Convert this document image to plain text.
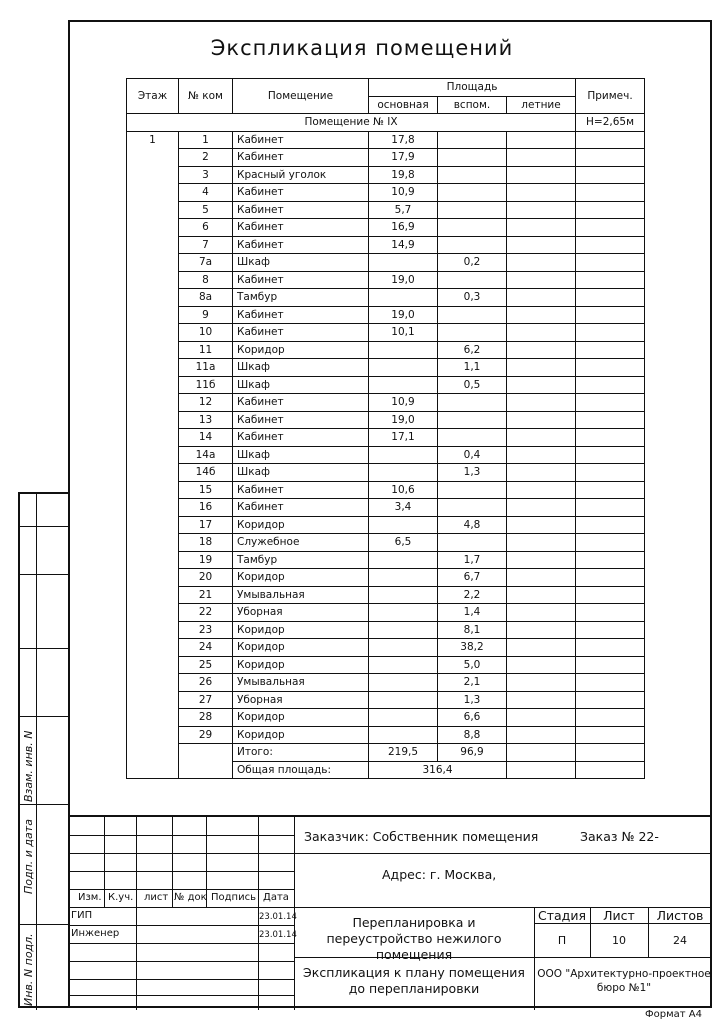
Взам. инв. N
Подп. и дата
Инв. N подл.
Экспликация помещений
Этаж	№ ком	Помещение	Площадь			Примеч.
			основная	вспом.	летние	
Помещение № IX						H=2,65м
1	1	Кабинет	17,8			
	2	Кабинет	17,9			
	3	Красный уголок	19,8			
	4	Кабинет	10,9			
	5	Кабинет	5,7			
	6	Кабинет	16,9			
	7	Кабинет	14,9			
	7а	Шкаф		0,2		
	8	Кабинет	19,0			
	8а	Тамбур		0,3		
	9	Кабинет	19,0			
	10	Кабинет	10,1			
	11	Коридор		6,2		
	11а	Шкаф		1,1		
	11б	Шкаф		0,5		
	12	Кабинет	10,9			
	13	Кабинет	19,0			
	14	Кабинет	17,1			
	14а	Шкаф		0,4		
	14б	Шкаф		1,3		
	15	Кабинет	10,6			
	16	Кабинет	3,4			
	17	Коридор		4,8		
	18	Служебное	6,5			
	19	Тамбур		1,7		
	20	Коридор		6,7		
	21	Умывальная		2,2		
	22	Уборная		1,4		
	23	Коридор		8,1		
	24	Коридор		38,2		
	25	Коридор		5,0		
	26	Умывальная		2,1		
	27	Уборная		1,3		
	28	Коридор		6,6		
	29	Коридор		8,8		
		Итого:	219,5	96,9		
		Общая площадь:	316,4			
Изм. К.уч. лист № док Подпись Дата
ГИП	23.01.14
Инженер	23.01.14
Заказчик: Собственник помещения	Заказ № 22-
Адрес: г. Москва,
Перепланировка и переустройство нежилого помещения
Стадия	Лист	Листов
П	10	24
Экспликация к плану помещения до перепланировки
ООО "Архитектурно-проектное бюро №1"
Формат А4
